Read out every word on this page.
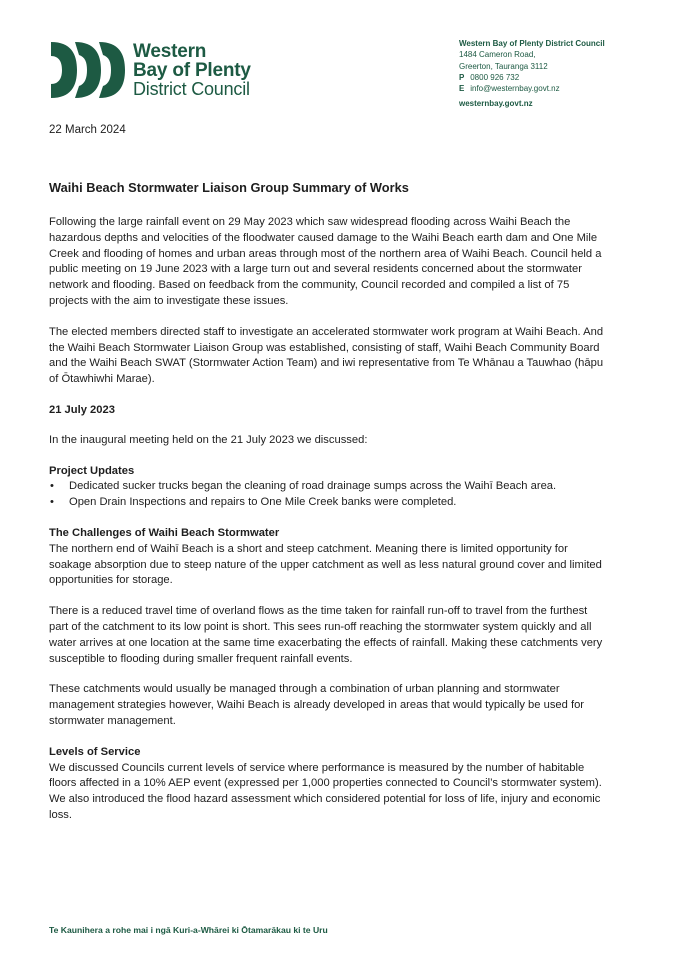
Western
Bay of Plenty
District Council
Western Bay of Plenty District Council
1484 Cameron Road,
Greerton, Tauranga 3112
P 0800 926 732
E info@westernbay.govt.nz
westernbay.govt.nz
22 March 2024
Waihi Beach Stormwater Liaison Group Summary of Works

Following the large rainfall event on 29 May 2023 which saw widespread flooding across Waihi Beach the hazardous depths and velocities of the floodwater caused damage to the Waihi Beach earth dam and One Mile Creek and flooding of homes and urban areas through most of the northern area of Waihi Beach. Council held a public meeting on 19 June 2023 with a large turn out and several residents concerned about the stormwater network and flooding. Based on feedback from the community, Council recorded and compiled a list of 75 projects with the aim to investigate these issues.

The elected members directed staff to investigate an accelerated stormwater work program at Waihi Beach. And the Waihi Beach Stormwater Liaison Group was established, consisting of staff, Waihi Beach Community Board and the Waihi Beach SWAT (Stormwater Action Team) and iwi representative from Te Whānau a Tauwhao (hāpu of Ōtawhiwhi Marae).

21 July 2023

In the inaugural meeting held on the 21 July 2023 we discussed:

Project Updates
• Dedicated sucker trucks began the cleaning of road drainage sumps across the Waihī Beach area.
• Open Drain Inspections and repairs to One Mile Creek banks were completed.
The Challenges of Waihi Beach Stormwater

The northern end of Waihī Beach is a short and steep catchment. Meaning there is limited opportunity for soakage absorption due to steep nature of the upper catchment as well as less natural ground cover and limited opportunities for storage.

There is a reduced travel time of overland flows as the time taken for rainfall run-off to travel from the furthest part of the catchment to its low point is short. This sees run-off reaching the stormwater system quickly and all water arrives at one location at the same time exacerbating the effects of rainfall. Making these catchments very susceptible to flooding during smaller frequent rainfall events.

These catchments would usually be managed through a combination of urban planning and stormwater management strategies however, Waihi Beach is already developed in areas that would typically be used for stormwater management.

Levels of Service

We discussed Councils current levels of service where performance is measured by the number of habitable floors affected in a 10% AEP event (expressed per 1,000 properties connected to Council’s stormwater system). We also introduced the flood hazard assessment which considered potential for loss of life, injury and economic loss.

Te Kaunihera a rohe mai i ngā Kuri-a-Whārei ki Ōtamarākau ki te Uru
